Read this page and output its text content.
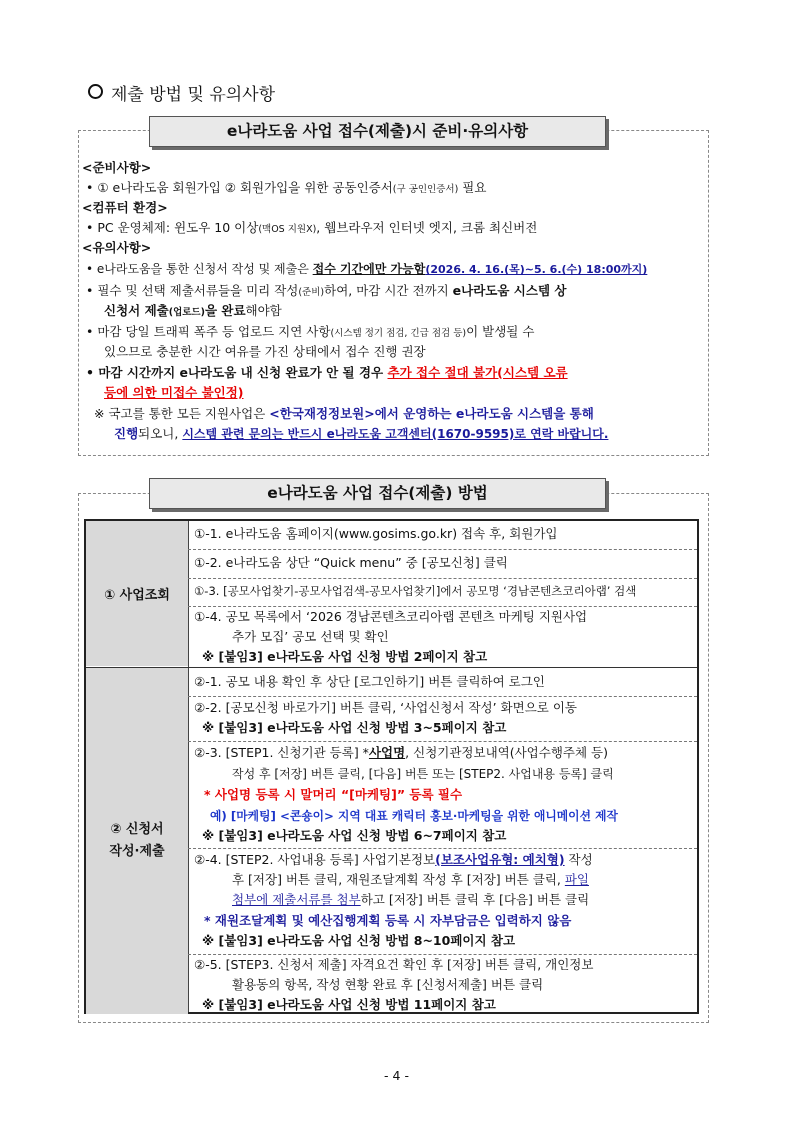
제출 방법 및 유의사항
e나라도움 사업 접수(제출)시 준비·유의사항
<준비사항>
• ① e나라도움 회원가입 ② 회원가입을 위한 공동인증서(구 공인인증서) 필요
<컴퓨터 환경>
• PC 운영체제: 윈도우 10 이상(맥OS 지원X), 웹브라우저 인터넷 엣지, 크롬 최신버전
<유의사항>
• e나라도움을 통한 신청서 작성 및 제출은 접수 기간에만 가능함(2026. 4. 16.(목)~5. 6.(수) 18:00까지)
• 필수 및 선택 제출서류들을 미리 작성(준비)하여, 마감 시간 전까지 e나라도움 시스템 상
신청서 제출(업로드)을 완료해야함
• 마감 당일 트래픽 폭주 등 업로드 지연 사항(시스템 정기 점검, 긴급 점검 등)이 발생될 수
있으므로 충분한 시간 여유를 가진 상태에서 접수 진행 권장
• 마감 시간까지 e나라도움 내 신청 완료가 안 될 경우 추가 접수 절대 불가(시스템 오류
등에 의한 미접수 불인정)
※ 국고를 통한 모든 지원사업은 <한국재정정보원>에서 운영하는 e나라도움 시스템을 통해
진행되오니, 시스템 관련 문의는 반드시 e나라도움 고객센터(1670-9595)로 연락 바랍니다.
e나라도움 사업 접수(제출) 방법
① 사업조회
② 신청서
작성·제출
①-1. e나라도움 홈페이지(www.gosims.go.kr) 접속 후, 회원가입
①-2. e나라도움 상단 “Quick menu” 중 [공모신청] 클릭
①-3. [공모사업찾기-공모사업검색-공모사업찾기]에서 공모명 ‘경남콘텐츠코리아랩’ 검색
①-4. 공모 목록에서 ‘2026 경남콘텐츠코리아랩 콘텐츠 마케팅 지원사업
추가 모집’ 공모 선택 및 확인
※ [붙임3] e나라도움 사업 신청 방법 2페이지 참고
②-1. 공모 내용 확인 후 상단 [로그인하기] 버튼 클릭하여 로그인
②-2. [공모신청 바로가기] 버튼 클릭, ‘사업신청서 작성’ 화면으로 이동
※ [붙임3] e나라도움 사업 신청 방법 3~5페이지 참고
②-3. [STEP1. 신청기관 등록] *사업명, 신청기관정보내역(사업수행주체 등)
작성 후 [저장] 버튼 클릭, [다음] 버튼 또는 [STEP2. 사업내용 등록] 클릭
* 사업명 등록 시 말머리 “[마케팅]” 등록 필수
예) [마케팅] <콘숑이> 지역 대표 캐릭터 홍보·마케팅을 위한 애니메이션 제작
※ [붙임3] e나라도움 사업 신청 방법 6~7페이지 참고
②-4. [STEP2. 사업내용 등록] 사업기본정보(보조사업유형: 예치형) 작성
후 [저장] 버튼 클릭, 재원조달계획 작성 후 [저장] 버튼 클릭, 파일
첨부에 제출서류를 첨부하고 [저장] 버튼 클릭 후 [다음] 버튼 클릭
* 재원조달계획 및 예산집행계획 등록 시 자부담금은 입력하지 않음
※ [붙임3] e나라도움 사업 신청 방법 8~10페이지 참고
②-5. [STEP3. 신청서 제출] 자격요건 확인 후 [저장] 버튼 클릭, 개인정보
활용동의 항목, 작성 현황 완료 후 [신청서제출] 버튼 클릭
※ [붙임3] e나라도움 사업 신청 방법 11페이지 참고
- 4 -
